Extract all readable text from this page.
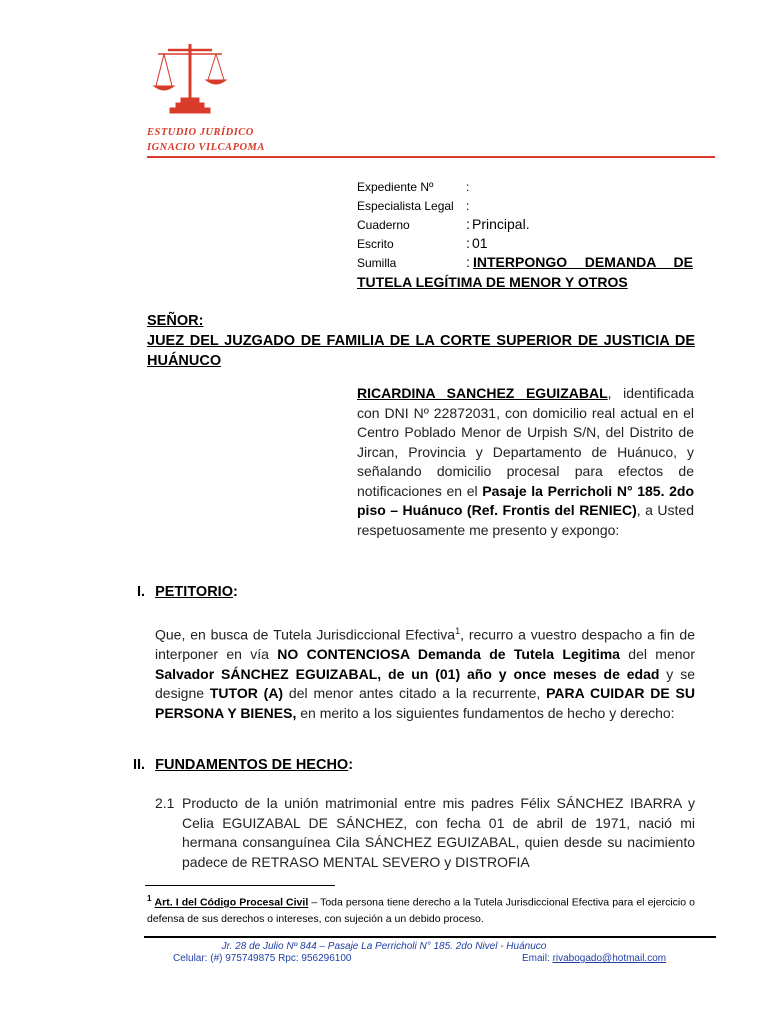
ESTUDIO JURÍDICO
IGNACIO VILCAPOMA
Expediente Nº	:
Especialista Legal :
Cuaderno	: Principal.
Escrito	: 01
Sumilla	: INTERPONGO DEMANDA DE TUTELA LEGÍTIMA DE MENOR Y OTROS
SEÑOR:
JUEZ DEL JUZGADO DE FAMILIA DE LA CORTE SUPERIOR DE JUSTICIA DE HUÁNUCO
RICARDINA SANCHEZ EGUIZABAL, identificada con DNI Nº 22872031, con domicilio real actual en el Centro Poblado Menor de Urpish S/N, del Distrito de Jircan, Provincia y Departamento de Huánuco, y señalando domicilio procesal para efectos de notificaciones en el Pasaje la Perricholi N° 185. 2do piso – Huánuco (Ref. Frontis del RENIEC), a Usted respetuosamente me presento y expongo:
I. PETITORIO:
Que, en busca de Tutela Jurisdiccional Efectiva$^1$, recurro a vuestro despacho a fin de interponer en vía NO CONTENCIOSA Demanda de Tutela Legitima del menor Salvador SÁNCHEZ EGUIZABAL, de un (01) año y once meses de edad y se designe TUTOR (A) del menor antes citado a la recurrente, PARA CUIDAR DE SU PERSONA Y BIENES, en merito a los siguientes fundamentos de hecho y derecho:
II. FUNDAMENTOS DE HECHO:
2.1 Producto de la unión matrimonial entre mis padres Félix SÁNCHEZ IBARRA y Celia EGUIZABAL DE SÁNCHEZ, con fecha 01 de abril de 1971, nació mi hermana consanguínea Cila SÁNCHEZ EGUIZABAL, quien desde su nacimiento padece de RETRASO MENTAL SEVERO y DISTROFIA
$^1$ Art. I del Código Procesal Civil – Toda persona tiene derecho a la Tutela Jurisdiccional Efectiva para el ejercicio o defensa de sus derechos o intereses, con sujeción a un debido proceso.
Jr. 28 de Julio Nº 844 – Pasaje La Perricholi N° 185. 2do Nivel - Huánuco
Celular: (#) 975749875 Rpc: 956296100	Email: rivabogado@hotmail.com
